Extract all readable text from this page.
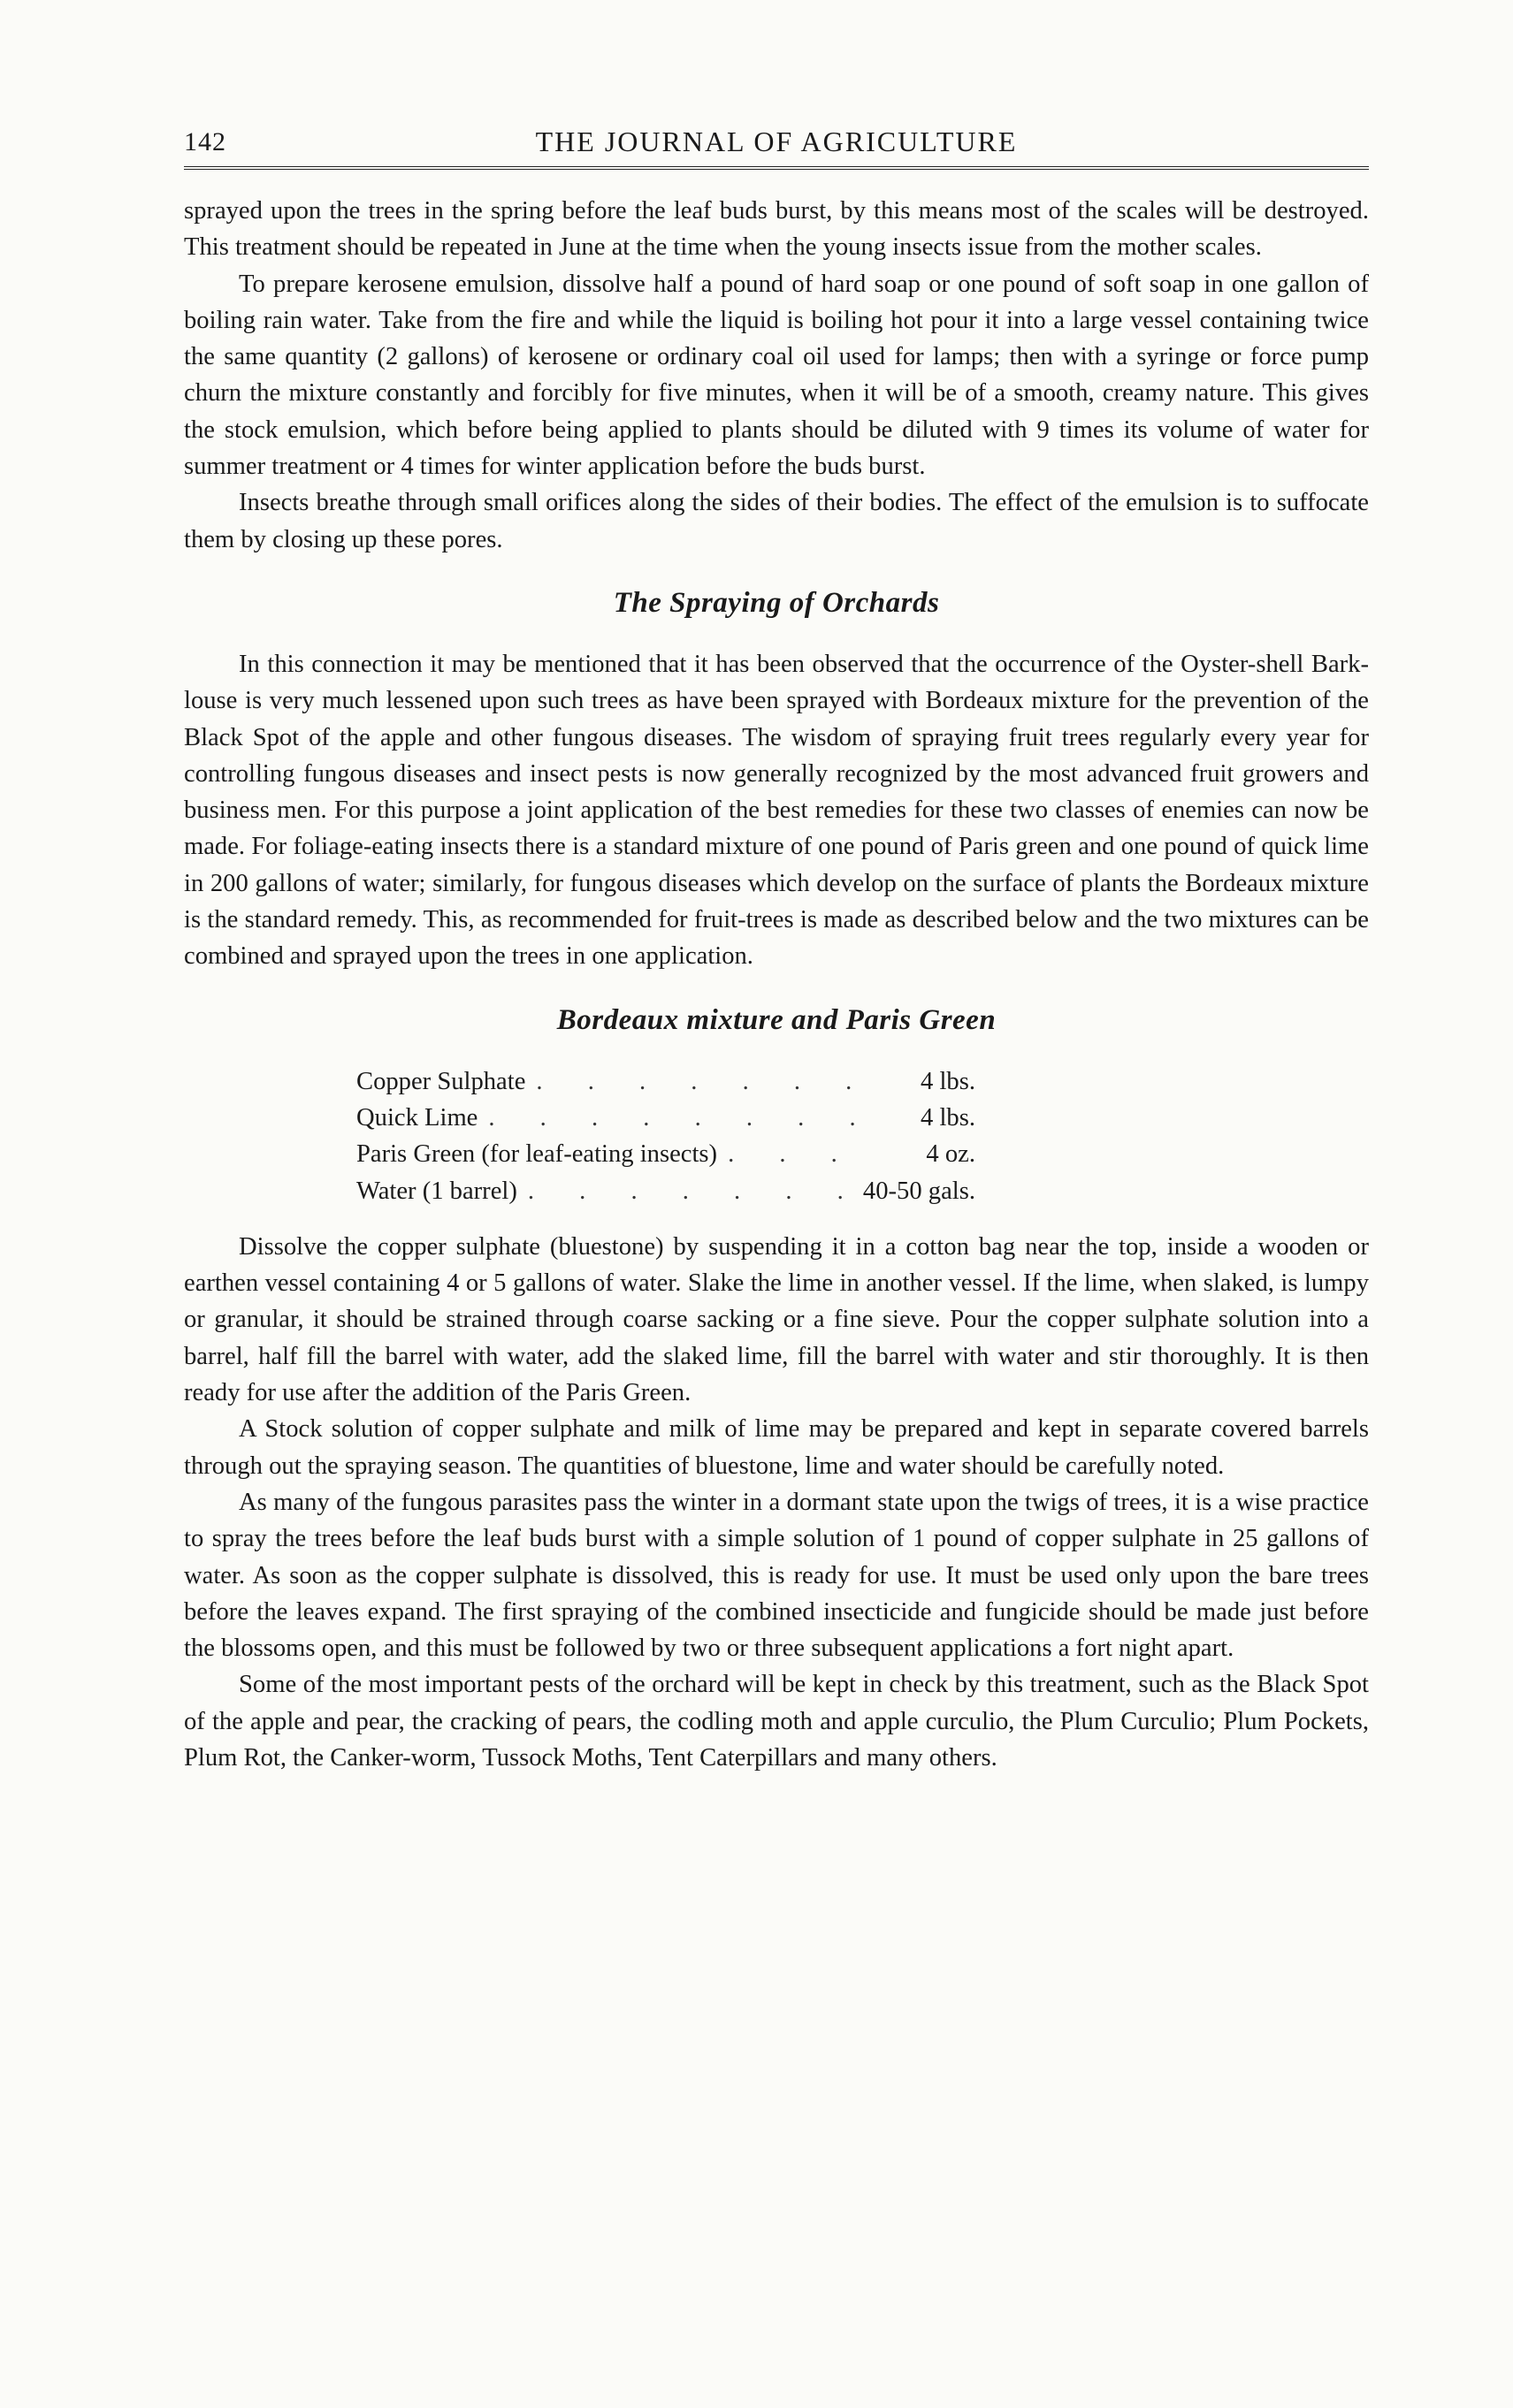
142	THE JOURNAL OF AGRICULTURE

sprayed upon the trees in the spring before the leaf buds burst, by this means most of the scales will be destroyed. This treatment should be repeated in June at the time when the young insects issue from the mother scales.

To prepare kerosene emulsion, dissolve half a pound of hard soap or one pound of soft soap in one gallon of boiling rain water. Take from the fire and while the liquid is boiling hot pour it into a large vessel containing twice the same quantity (2 gallons) of kerosene or ordinary coal oil used for lamps; then with a syringe or force pump churn the mixture constantly and forcibly for five minutes, when it will be of a smooth, creamy nature. This gives the stock emulsion, which before being applied to plants should be diluted with 9 times its volume of water for summer treatment or 4 times for winter application before the buds burst.

Insects breathe through small orifices along the sides of their bodies. The effect of the emulsion is to suffocate them by closing up these pores.

The Spraying of Orchards

In this connection it may be mentioned that it has been observed that the occurrence of the Oyster-shell Bark-louse is very much lessened upon such trees as have been sprayed with Bordeaux mixture for the prevention of the Black Spot of the apple and other fungous diseases. The wisdom of spraying fruit trees regularly every year for controlling fungous diseases and insect pests is now generally recognized by the most advanced fruit growers and business men. For this purpose a joint application of the best remedies for these two classes of enemies can now be made. For foliage-eating insects there is a standard mixture of one pound of Paris green and one pound of quick lime in 200 gallons of water; similarly, for fungous diseases which develop on the surface of plants the Bordeaux mixture is the standard remedy. This, as recommended for fruit-trees is made as described below and the two mixtures can be combined and sprayed upon the trees in one application.

Bordeaux mixture and Paris Green
Copper Sulphate . . .	4 lbs.
Quick Lime . . .	4 lbs.
Paris Green (for leaf-eating insects) . . .	4 oz.
Water (1 barrel) . . .	40-50 gals.

Dissolve the copper sulphate (bluestone) by suspending it in a cotton bag near the top, inside a wooden or earthen vessel containing 4 or 5 gallons of water. Slake the lime in another vessel. If the lime, when slaked, is lumpy or granular, it should be strained through coarse sacking or a fine sieve. Pour the copper sulphate solution into a barrel, half fill the barrel with water, add the slaked lime, fill the barrel with water and stir thoroughly. It is then ready for use after the addition of the Paris Green.

A Stock solution of copper sulphate and milk of lime may be prepared and kept in separate covered barrels through out the spraying season. The quantities of bluestone, lime and water should be carefully noted.

As many of the fungous parasites pass the winter in a dormant state upon the twigs of trees, it is a wise practice to spray the trees before the leaf buds burst with a simple solution of 1 pound of copper sulphate in 25 gallons of water. As soon as the copper sulphate is dissolved, this is ready for use. It must be used only upon the bare trees before the leaves expand. The first spraying of the combined insecticide and fungicide should be made just before the blossoms open, and this must be followed by two or three subsequent applications a fort night apart.

Some of the most important pests of the orchard will be kept in check by this treatment, such as the Black Spot of the apple and pear, the cracking of pears, the codling moth and apple curculio, the Plum Curculio; Plum Pockets, Plum Rot, the Canker-worm, Tussock Moths, Tent Caterpillars and many others.
